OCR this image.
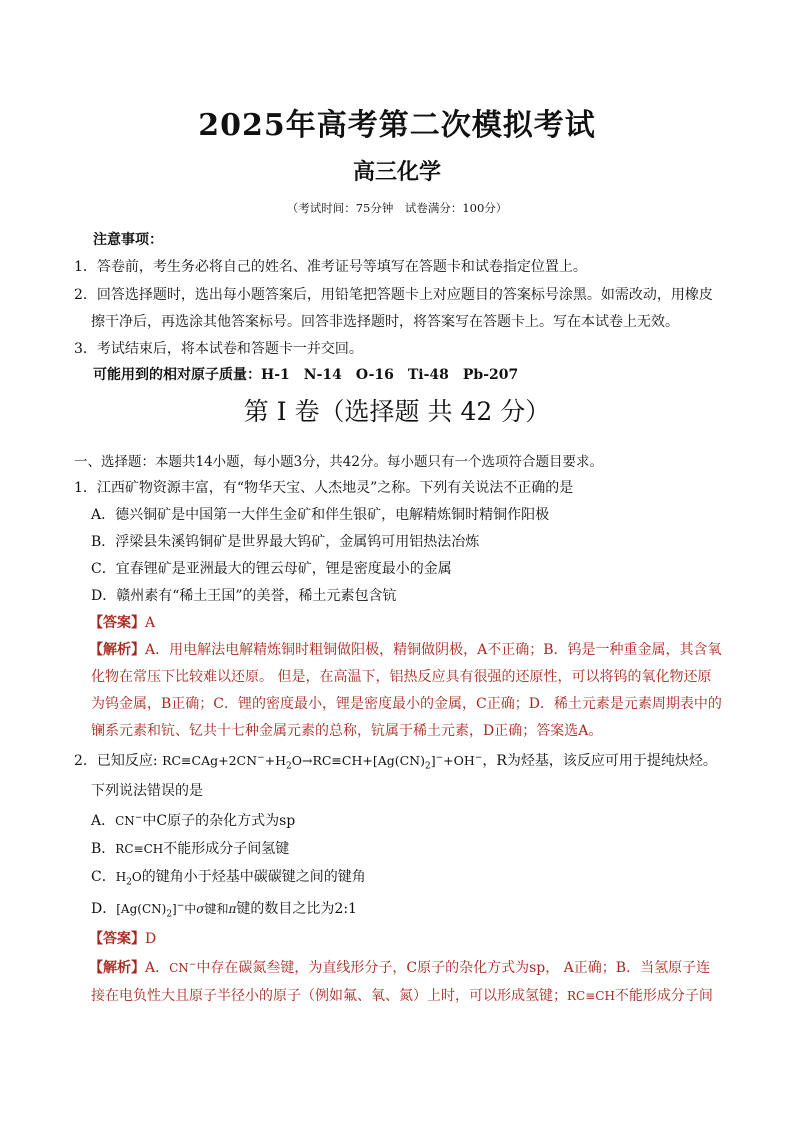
2025年高考第二次模拟考试
高三化学
（考试时间：75分钟　试卷满分：100分）
注意事项：
1．答卷前，考生务必将自己的姓名、准考证号等填写在答题卡和试卷指定位置上。
2．回答选择题时，选出每小题答案后，用铅笔把答题卡上对应题目的答案标号涂黑。如需改动，用橡皮
擦干净后，再选涂其他答案标号。回答非选择题时，将答案写在答题卡上。写在本试卷上无效。
3．考试结束后，将本试卷和答题卡一并交回。
可能用到的相对原子质量：H-1　N-14　O-16　Ti-48　Pb-207
第 I 卷（选择题 共 42 分）
一、选择题：本题共14小题，每小题3分，共42分。每小题只有一个选项符合题目要求。
1．江西矿物资源丰富，有“物华天宝、人杰地灵”之称。下列有关说法不正确的是
A．德兴铜矿是中国第一大伴生金矿和伴生银矿，电解精炼铜时精铜作阳极
B．浮梁县朱溪钨铜矿是世界最大钨矿，金属钨可用铝热法冶炼
C．宜春锂矿是亚洲最大的锂云母矿，锂是密度最小的金属
D．赣州素有“稀土王国”的美誉，稀土元素包含钪
【答案】A
【解析】A．用电解法电解精炼铜时粗铜做阳极，精铜做阴极，A不正确；B．钨是一种重金属，其含氧
化物在常压下比较难以还原。 但是，在高温下，铝热反应具有很强的还原性，可以将钨的氧化物还原
为钨金属，B正确；C．锂的密度最小，锂是密度最小的金属，C正确；D．稀土元素是元素周期表中的
镧系元素和钪、钇共十七种金属元素的总称，钪属于稀土元素，D正确；答案选A。
2．已知反应: $RC\equiv CAg+2CN^-+H_2O\to RC\equiv CH+[Ag(CN)_2]^-+OH^-$，R为烃基，该反应可用于提纯炔烃。
下列说法错误的是
A．CN−中C原子的杂化方式为sp
B．RC≡CH不能形成分子间氢键
C．$H_2O$的键角小于烃基中碳碳键之间的键角
D．$[Ag(CN)_2]^-$中σ键和π键的数目之比为2:1
【答案】D
【解析】A．CN−中存在碳氮叁键，为直线形分子，C原子的杂化方式为sp， A正确；B．当氢原子连
接在电负性大且原子半径小的原子（例如氟、氧、氮）上时，可以形成氢键；RC≡CH不能形成分子间
